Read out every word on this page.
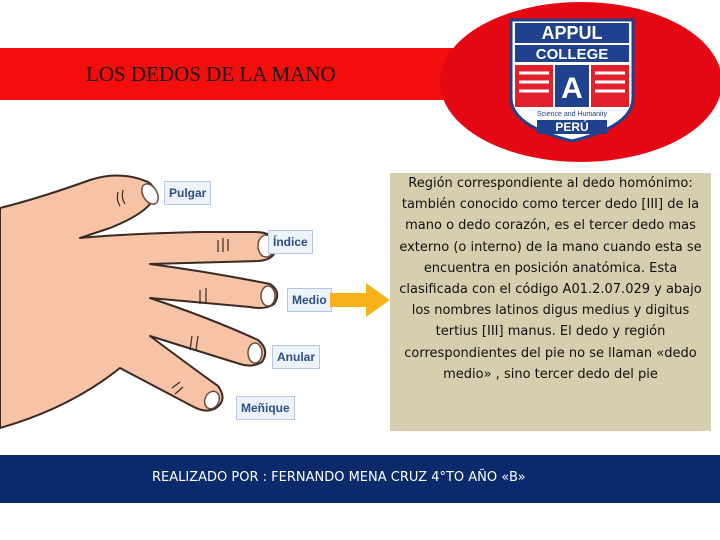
LOS DEDOS DE LA MANO
APPUL
COLLEGE
A
Science and Humanity
PERÚ
Pulgar
Índice
Medio
Anular
Meñique

Región correspondiente al dedo homónimo: también conocido como tercer dedo [III] de la mano o dedo corazón, es el tercer dedo mas externo (o interno) de la mano cuando esta se encuentra en posición anatómica. Esta clasificada con el código A01.2.07.029 y abajo los nombres latinos digus medius y digitus tertius [III] manus. El dedo y región correspondientes del pie no se llaman «dedo medio» , sino tercer dedo del pie

REALIZADO POR : FERNANDO MENA CRUZ 4°TO AÑO «B»
